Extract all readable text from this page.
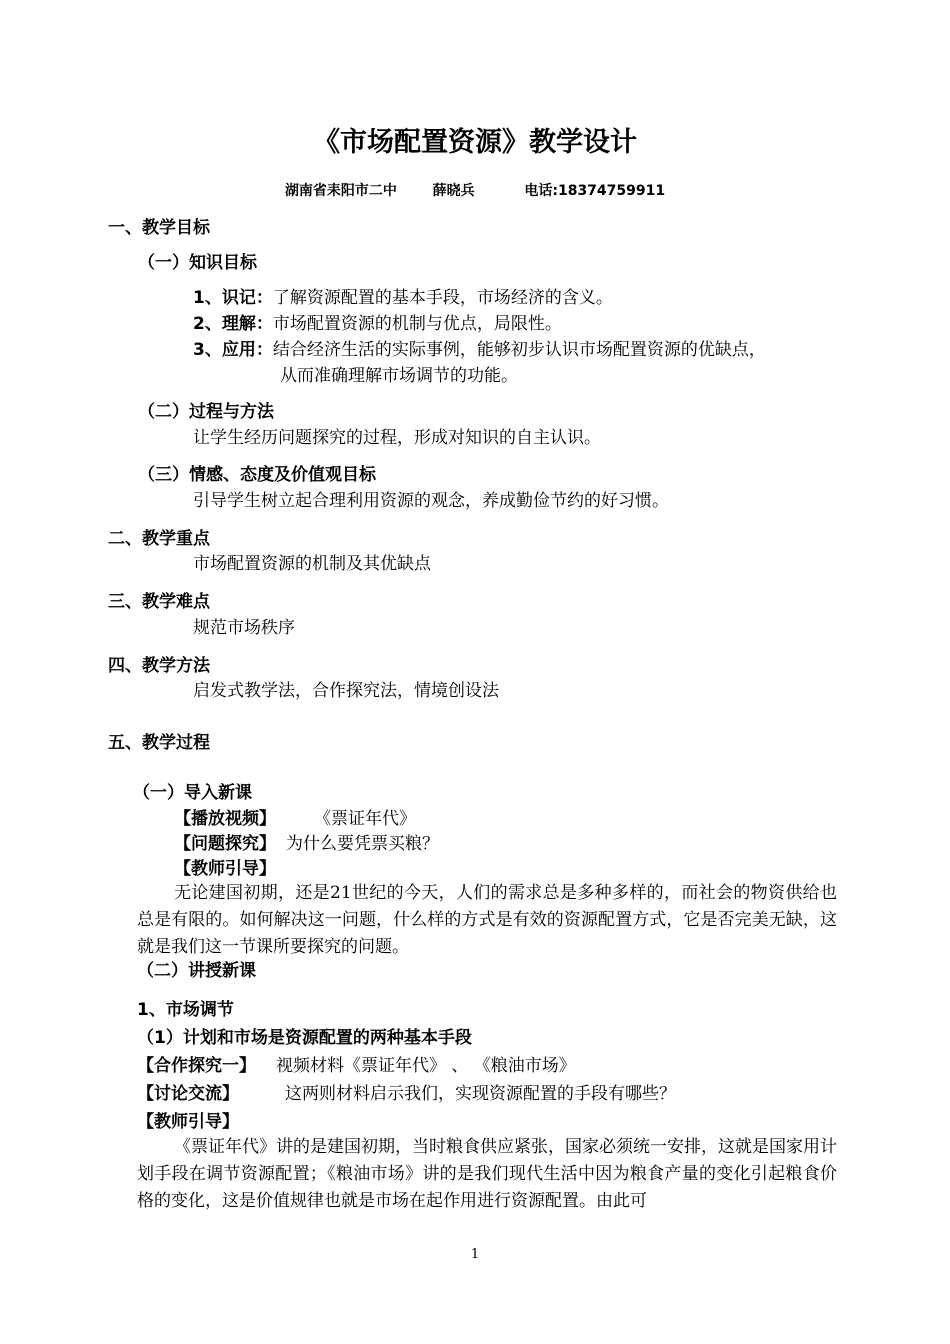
《市场配置资源》教学设计
湖南省耒阳市二中	薛晓兵	电话:18374759911
一、教学目标
（一）知识目标
1、识记：了解资源配置的基本手段，市场经济的含义。
2、理解：市场配置资源的机制与优点，局限性。
3、应用：结合经济生活的实际事例，能够初步认识市场配置资源的优缺点，
从而准确理解市场调节的功能。
（二）过程与方法
让学生经历问题探究的过程，形成对知识的自主认识。
（三）情感、态度及价值观目标
引导学生树立起合理利用资源的观念，养成勤俭节约的好习惯。
二、教学重点
市场配置资源的机制及其优缺点
三、教学难点
规范市场秩序
四、教学方法
启发式教学法，合作探究法，情境创设法
五、教学过程
（一）导入新课
【播放视频】 《票证年代》
【问题探究】 为什么要凭票买粮？
【教师引导】
无论建国初期，还是21世纪的今天，人们的需求总是多种多样的，而社会的物资供给也总是有限的。如何解决这一问题，什么样的方式是有效的资源配置方式，它是否完美无缺，这就是我们这一节课所要探究的问题。
（二）讲授新课
1、市场调节
（1）计划和市场是资源配置的两种基本手段
【合作探究一】 视频材料《票证年代》 、 《粮油市场》
【讨论交流】	这两则材料启示我们，实现资源配置的手段有哪些？
【教师引导】
《票证年代》讲的是建国初期，当时粮食供应紧张，国家必须统一安排，这就是国家用计划手段在调节资源配置；《粮油市场》讲的是我们现代生活中因为粮食产量的变化引起粮食价格的变化，这是价值规律也就是市场在起作用进行资源配置。由此可
1
